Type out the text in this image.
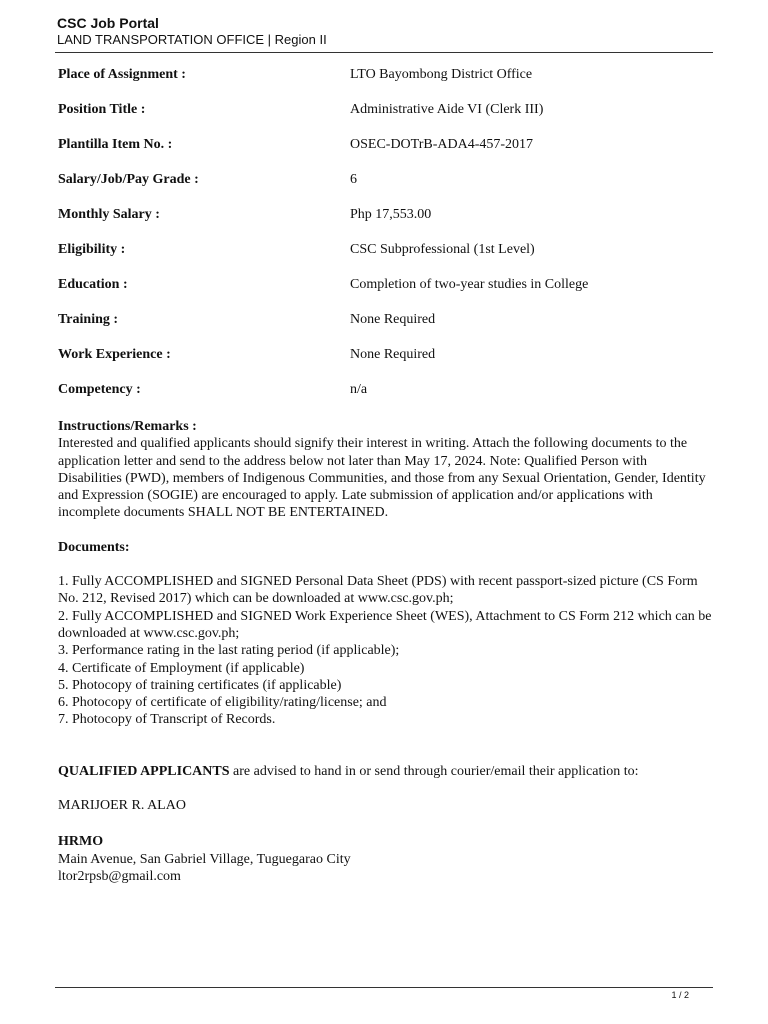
CSC Job Portal
LAND TRANSPORTATION OFFICE | Region II
Place of Assignment :	LTO Bayombong District Office
Position Title :	Administrative Aide VI (Clerk III)
Plantilla Item No. :	OSEC-DOTrB-ADA4-457-2017
Salary/Job/Pay Grade :	6
Monthly Salary :	Php 17,553.00
Eligibility :	CSC Subprofessional (1st Level)
Education :	Completion of two-year studies in College
Training :	None Required
Work Experience :	None Required
Competency :	n/a

Instructions/Remarks :

Interested and qualified applicants should signify their interest in writing. Attach the following documents to the application letter and send to the address below not later than May 17, 2024. Note: Qualified Person with Disabilities (PWD), members of Indigenous Communities, and those from any Sexual Orientation, Gender, Identity and Expression (SOGIE) are encouraged to apply. Late submission of application and/or applications with incomplete documents SHALL NOT BE ENTERTAINED.

Documents:

1. Fully ACCOMPLISHED and SIGNED Personal Data Sheet (PDS) with recent passport-sized picture (CS Form No. 212, Revised 2017) which can be downloaded at www.csc.gov.ph;

2. Fully ACCOMPLISHED and SIGNED Work Experience Sheet (WES), Attachment to CS Form 212 which can be downloaded at www.csc.gov.ph;

3. Performance rating in the last rating period (if applicable);

4. Certificate of Employment (if applicable)

5. Photocopy of training certificates (if applicable)

6. Photocopy of certificate of eligibility/rating/license; and

7. Photocopy of Transcript of Records.

QUALIFIED APPLICANTS are advised to hand in or send through courier/email their application to:

MARIJOER R. ALAO

HRMO

Main Avenue, San Gabriel Village, Tuguegarao City

ltor2rpsb@gmail.com

1 / 2
